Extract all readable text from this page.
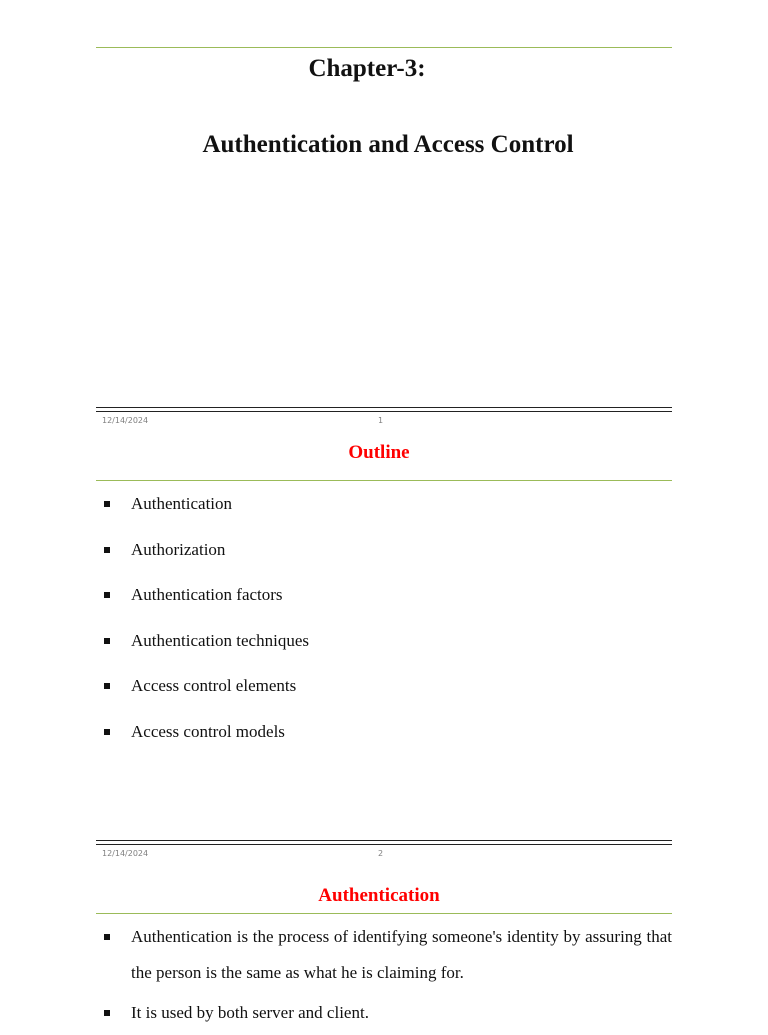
Chapter-3:
Authentication and Access Control
12/14/2024	1
Outline
Authentication
Authorization
Authentication factors
Authentication techniques
Access control elements
Access control models
12/14/2024	2
Authentication
Authentication is the process of identifying someone's identity by assuring that the person is the same as what he is claiming for.
It is used by both server and client.
